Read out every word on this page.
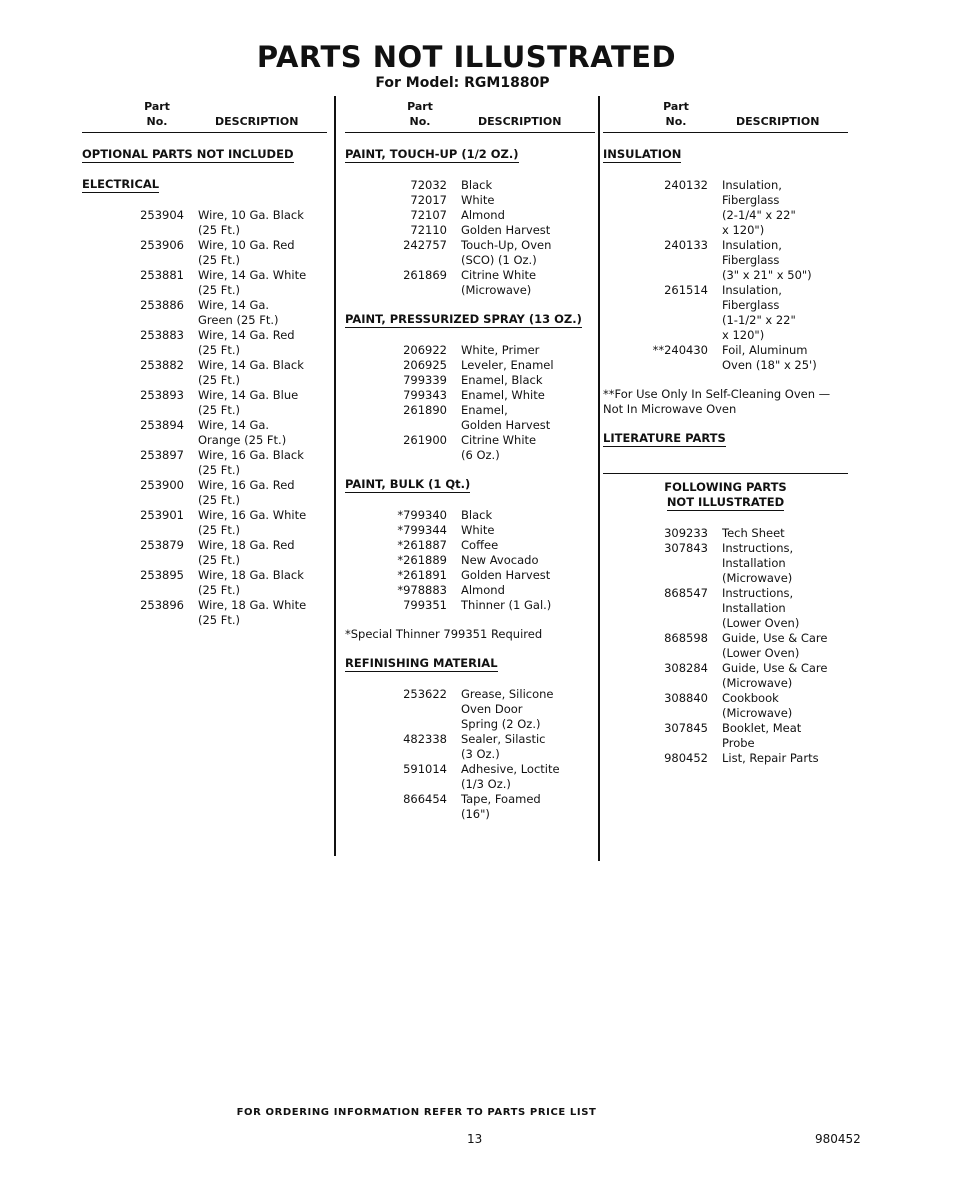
PARTS NOT ILLUSTRATED
For Model: RGM1880P
Part
No.	DESCRIPTION
OPTIONAL PARTS NOT INCLUDED
ELECTRICAL
253904 Wire, 10 Ga. Black
(25 Ft.)
253906 Wire, 10 Ga. Red
(25 Ft.)
253881 Wire, 14 Ga. White
(25 Ft.)
253886 Wire, 14 Ga.
Green (25 Ft.)
253883 Wire, 14 Ga. Red
(25 Ft.)
253882 Wire, 14 Ga. Black
(25 Ft.)
253893 Wire, 14 Ga. Blue
(25 Ft.)
253894 Wire, 14 Ga.
Orange (25 Ft.)
253897 Wire, 16 Ga. Black
(25 Ft.)
253900 Wire, 16 Ga. Red
(25 Ft.)
253901 Wire, 16 Ga. White
(25 Ft.)
253879 Wire, 18 Ga. Red
(25 Ft.)
253895 Wire, 18 Ga. Black
(25 Ft.)
253896 Wire, 18 Ga. White
(25 Ft.)
Part
No.	DESCRIPTION
PAINT, TOUCH-UP (1/2 OZ.)
72032 Black
72017 White
72107 Almond
72110 Golden Harvest
242757 Touch-Up, Oven
(SCO) (1 Oz.)
261869 Citrine White
(Microwave)
PAINT, PRESSURIZED SPRAY (13 OZ.)
206922 White, Primer
206925 Leveler, Enamel
799339 Enamel, Black
799343 Enamel, White
261890 Enamel,
Golden Harvest
261900 Citrine White
(6 Oz.)
PAINT, BULK (1 Qt.)
*799340 Black
*799344 White
*261887 Coffee
*261889 New Avocado
*261891 Golden Harvest
*978883 Almond
799351 Thinner (1 Gal.)
*Special Thinner 799351 Required
REFINISHING MATERIAL
253622 Grease, Silicone
Oven Door
Spring (2 Oz.)
482338 Sealer, Silastic
(3 Oz.)
591014 Adhesive, Loctite
(1/3 Oz.)
866454 Tape, Foamed
(16")
Part
No.	DESCRIPTION
INSULATION
240132 Insulation,
Fiberglass
(2-1/4" x 22"
x 120")
240133 Insulation,
Fiberglass
(3" x 21" x 50")
261514 Insulation,
Fiberglass
(1-1/2" x 22"
x 120")
**240430 Foil, Aluminum
Oven (18" x 25')
**For Use Only In Self-Cleaning Oven — Not In Microwave Oven
LITERATURE PARTS
FOLLOWING PARTS
NOT ILLUSTRATED
309233 Tech Sheet
307843 Instructions,
Installation
(Microwave)
868547 Instructions,
Installation
(Lower Oven)
868598 Guide, Use & Care
(Lower Oven)
308284 Guide, Use & Care
(Microwave)
308840 Cookbook
(Microwave)
307845 Booklet, Meat
Probe
980452 List, Repair Parts
FOR ORDERING INFORMATION REFER TO PARTS PRICE LIST
13	980452
